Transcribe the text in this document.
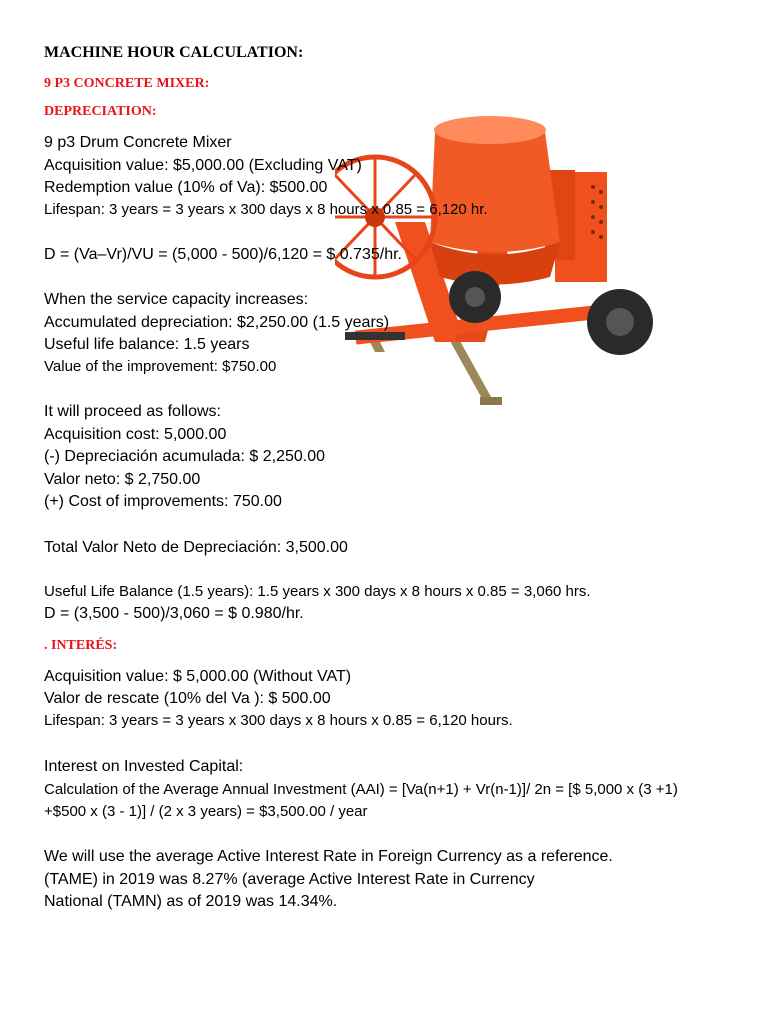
MACHINE HOUR CALCULATION:
9 P3 CONCRETE MIXER:
DEPRECIATION:
9 p3 Drum Concrete Mixer
Acquisition value: $5,000.00 (Excluding VAT)
Redemption value (10% of Va): $500.00
Lifespan: 3 years = 3 years x 300 days x 8 hours x 0.85 = 6,120 hr.
D = (Va–Vr)/VU = (5,000 - 500)/6,120 = $ 0.735/hr.
When the service capacity increases:
Accumulated depreciation: $2,250.00 (1.5 years)
Useful life balance: 1.5 years
Value of the improvement: $750.00
It will proceed as follows:
Acquisition cost: 5,000.00
(-) Depreciación acumulada: $ 2,250.00
Valor neto: $ 2,750.00
(+) Cost of improvements: 750.00
Total Valor Neto de Depreciación: 3,500.00
Useful Life Balance (1.5 years): 1.5 years x 300 days x 8 hours x 0.85 = 3,060 hrs.
D = (3,500 - 500)/3,060 = $ 0.980/hr.
. INTERÉS:
Acquisition value: $ 5,000.00 (Without VAT)
Valor de rescate (10% del Va ): $ 500.00
Lifespan: 3 years = 3 years x 300 days x 8 hours x 0.85 = 6,120 hours.
Interest on Invested Capital:
Calculation of the Average Annual Investment (AAI) = [Va(n+1) + Vr(n-1)]/ 2n = [$ 5,000 x (3 +1) +$500 x (3 - 1)] / (2 x 3 years) = $3,500.00 / year
We will use the average Active Interest Rate in Foreign Currency as a reference.
(TAME) in 2019 was 8.27% (average Active Interest Rate in Currency
National (TAMN) as of 2019 was 14.34%.
